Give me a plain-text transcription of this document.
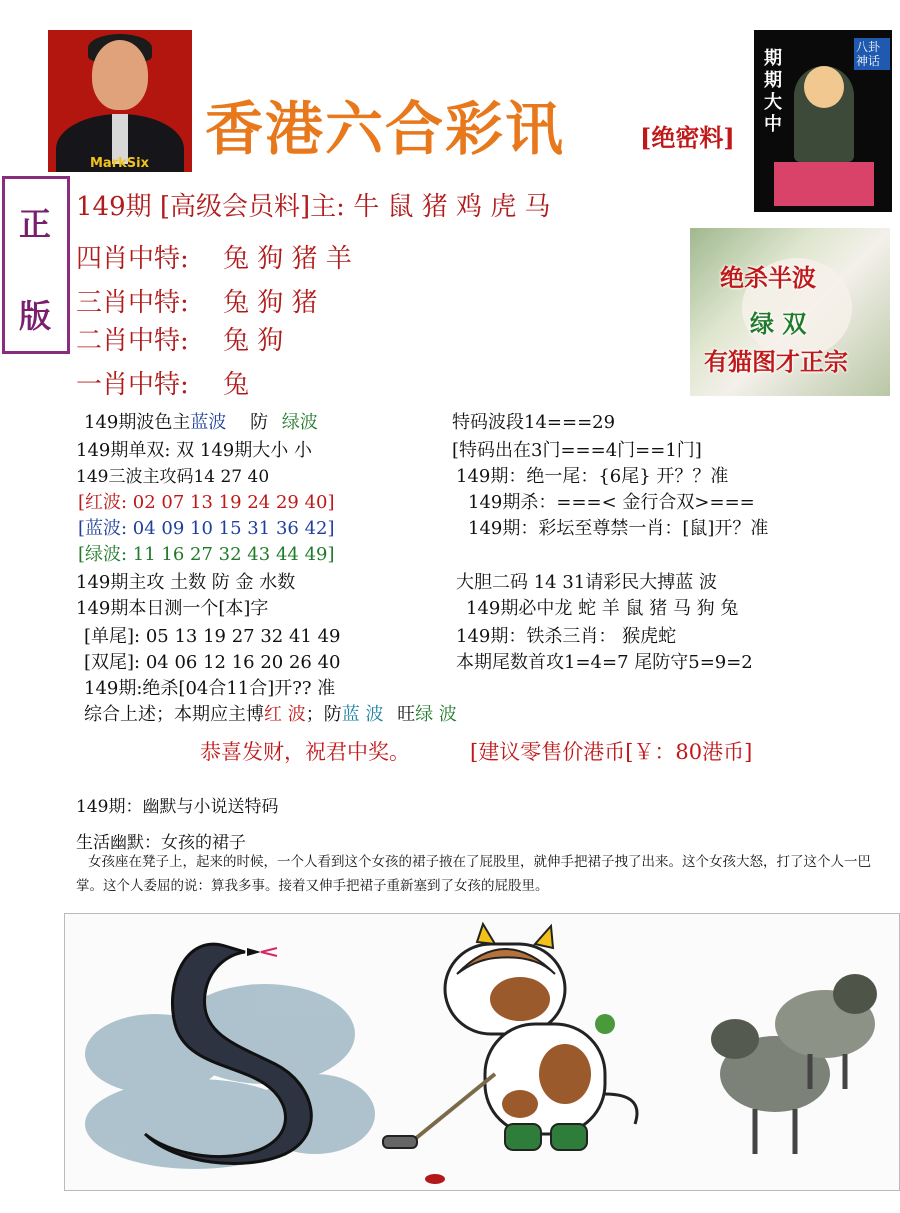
MarkSix
香港六合彩讯	[绝密料]
期期大中
八卦神话
正
版
149期 [高级会员料]主: 牛 鼠 猪 鸡 虎 马
四肖中特: 兔 狗 猪 羊
三肖中特: 兔 狗 猪
二肖中特: 兔 狗
一肖中特: 兔
绝杀半波
绿 双
有猫图才正宗
149期波色主蓝波 防 绿波
149期单双: 双 149期大小 小
149三波主攻码14 27 40
[红波: 02 07 13 19 24 29 40]
[蓝波: 04 09 10 15 31 36 42]
[绿波: 11 16 27 32 43 44 49]
149期主攻 土数 防 金 水数
149期本日测一个[本]字
[单尾]: 05 13 19 27 32 41 49
[双尾]: 04 06 12 16 20 26 40
149期:绝杀[04合11合]开?? 准
综合上述；本期应主博红 波；防蓝 波 旺绿 波
特码波段14===29
[特码出在3门===4门==1门]
149期：绝一尾：{6尾} 开？？准
149期杀：===< 金行合双>===
149期：彩坛至尊禁一肖：[鼠]开？准
大胆二码 14 31请彩民大搏蓝 波
149期必中龙 蛇 羊 鼠 猪 马 狗 兔
149期：铁杀三肖： 猴虎蛇
本期尾数首攻1=4=7 尾防守5=9=2
恭喜发财，祝君中奖。	[建议零售价港币[￥：80港币]
149期：幽默与小说送特码
生活幽默：女孩的裙子
女孩座在凳子上，起来的时候，一个人看到这个女孩的裙子掖在了屁股里，就伸手把裙子拽了出来。这个女孩大怒，打了这个人一巴掌。这个人委屈的说：算我多事。接着又伸手把裙子重新塞到了女孩的屁股里。
